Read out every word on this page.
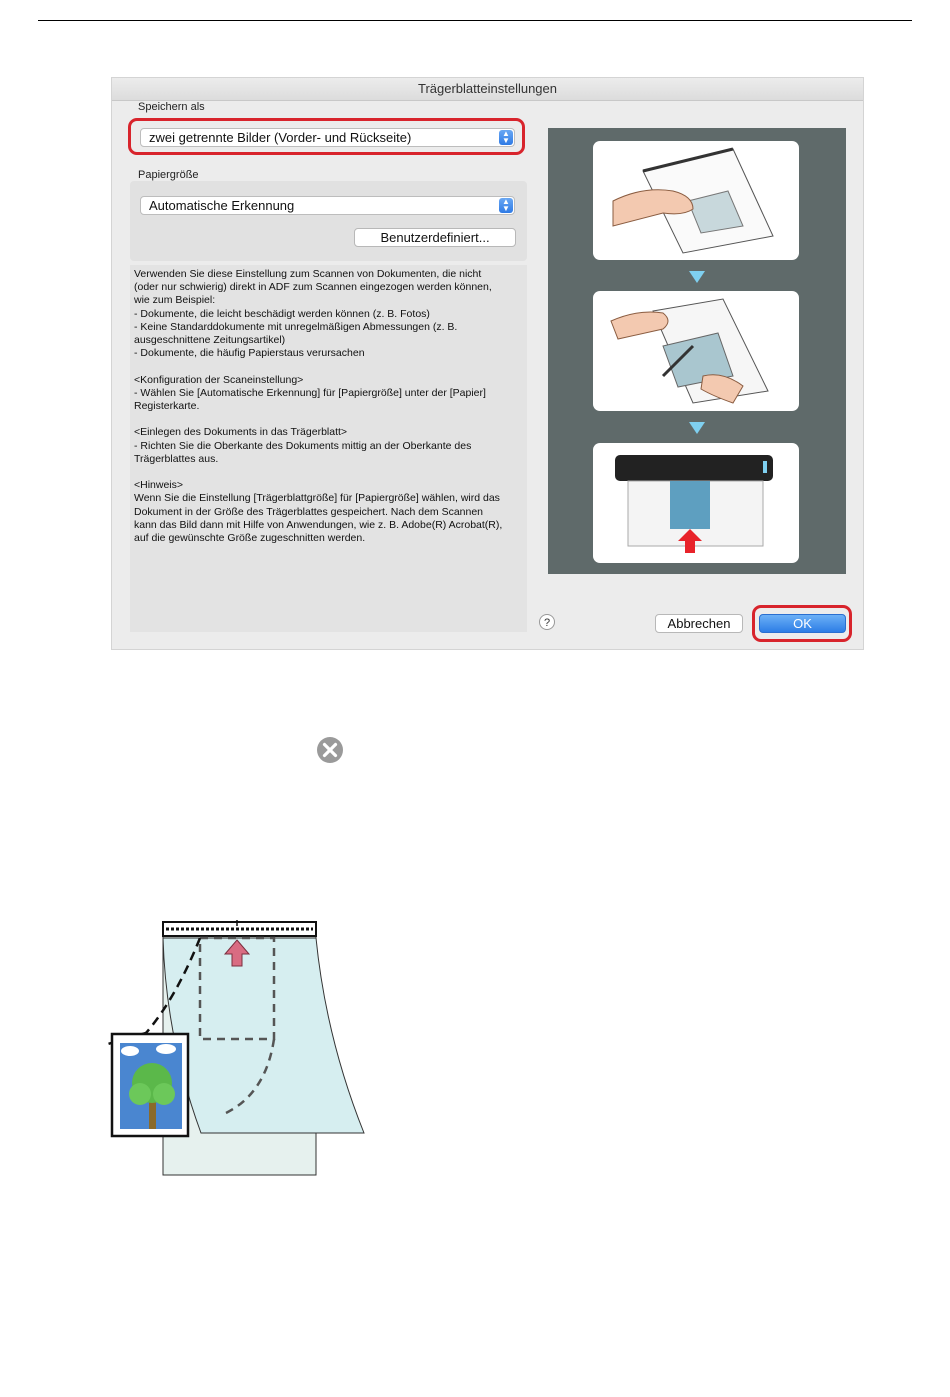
Trägerblatteinstellungen
Speichern als
zwei getrennte Bilder (Vorder- und Rückseite)	▲
▼
Papiergröße
Automatische Erkennung	▲
▼
Benutzerdefiniert...
Verwenden Sie diese Einstellung zum Scannen von Dokumenten, die nicht
(oder nur schwierig) direkt in ADF zum Scannen eingezogen werden können,
wie zum Beispiel:
- Dokumente, die leicht beschädigt werden können (z. B. Fotos)
- Keine Standarddokumente mit unregelmäßigen Abmessungen (z. B.
ausgeschnittene Zeitungsartikel)
- Dokumente, die häufig Papierstaus verursachen

<Konfiguration der Scaneinstellung>
- Wählen Sie [Automatische Erkennung] für [Papiergröße] unter der [Papier]
Registerkarte.

<Einlegen des Dokuments in das Trägerblatt>
- Richten Sie die Oberkante des Dokuments mittig an der Oberkante des
Trägerblattes aus.

<Hinweis>
Wenn Sie die Einstellung [Trägerblattgröße] für [Papiergröße] wählen, wird das
Dokument in der Größe des Trägerblattes gespeichert. Nach dem Scannen
kann das Bild dann mit Hilfe von Anwendungen, wie z. B. Adobe(R) Acrobat(R),
auf die gewünschte Größe zugeschnitten werden.
?	Abbrechen	OK
